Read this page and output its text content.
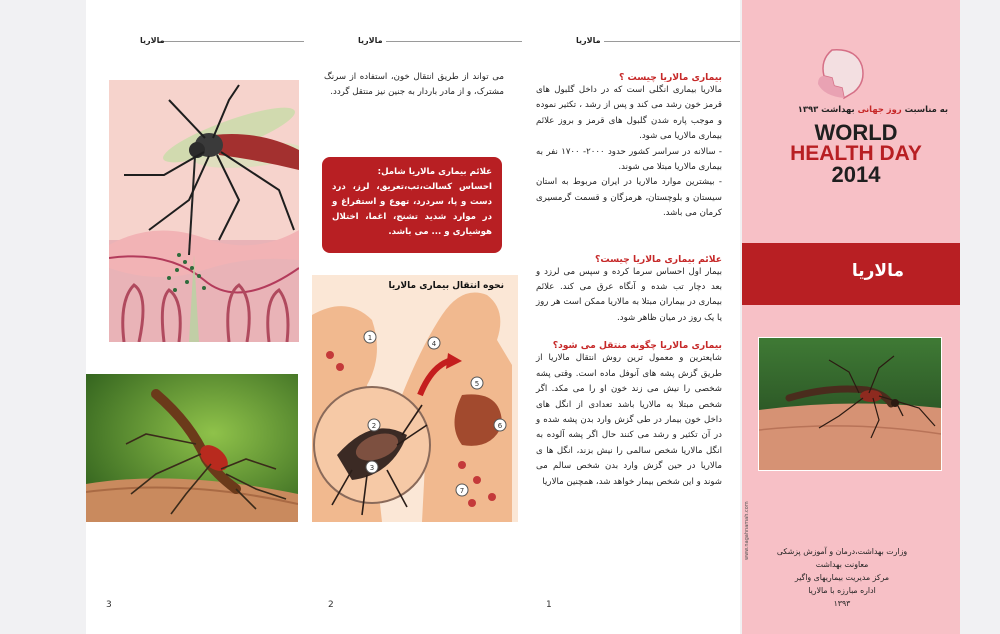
مالاریا
3
مالاریا
می تواند از طریق انتقال خون، استفاده از سرنگ مشترک، و از مادر باردار به جنین نیز منتقل گردد.
علائم بیماری مالاریا شامل:
احساس کسالت،تب،تعریق، لرز، درد دست و پا، سردرد، تهوع و استفراغ و در موارد شدید تشنج، اغما، اختلال هوشیاری و ... می باشد.
1
2
3
4
5
6
7
نحوه انتقال بیماری مالاریا
2
مالاریا
بیماری مالاریا چیست ؟
مالاریا بیماری انگلی است که در داخل گلبول های قرمز خون رشد می کند و پس از رشد ، تکثیر نموده و موجب پاره شدن گلبول های قرمز و بروز علائم بیماری مالاریا می شود.
- سالانه در سراسر کشور حدود ۲۰۰۰- ۱۷۰۰ نفر به بیماری مالاریا مبتلا می شوند.
- بیشترین موارد مالاریا در ایران مربوط به استان سیستان و بلوچستان، هرمزگان و قسمت گرمسیری کرمان می باشد.
علائم بیماری مالاریا چیست؟
بیمار اول احساس سرما کرده و سپس می لرزد و بعد دچار تب شده و آنگاه عرق می کند. علائم بیماری در بیماران مبتلا به مالاریا ممکن است هر روز یا یک روز در میان ظاهر شود.
بیماری مالاریا چگونه منتقل می شود؟
شایعترین و معمول ترین روش انتقال مالاریا از طریق گزش پشه های آنوفل ماده است. وقتی پشه شخصی را نیش می زند خون او را می مکد. اگر شخص مبتلا به مالاریا باشد تعدادی از انگل های داخل خون بیمار در طی گزش وارد بدن پشه شده و در آن تکثیر و رشد می کنند حال اگر پشه آلوده به انگل مالاریا شخص سالمی را نیش بزند، انگل ها ی مالاریا در حین گزش وارد بدن شخص سالم می شوند و این شخص بیمار خواهد شد، همچنین مالاریا
1
به مناسبت روز جهانی بهداشت ۱۳۹۳
WORLD
HEALTH DAY
2014
مالاریا
www.nagahnamah.com	وزارت بهداشت،درمان و آموزش پزشکی
معاونت بهداشت
مرکز مدیریت بیماریهای واگیر
اداره مبارزه با مالاریا
۱۳۹۳
